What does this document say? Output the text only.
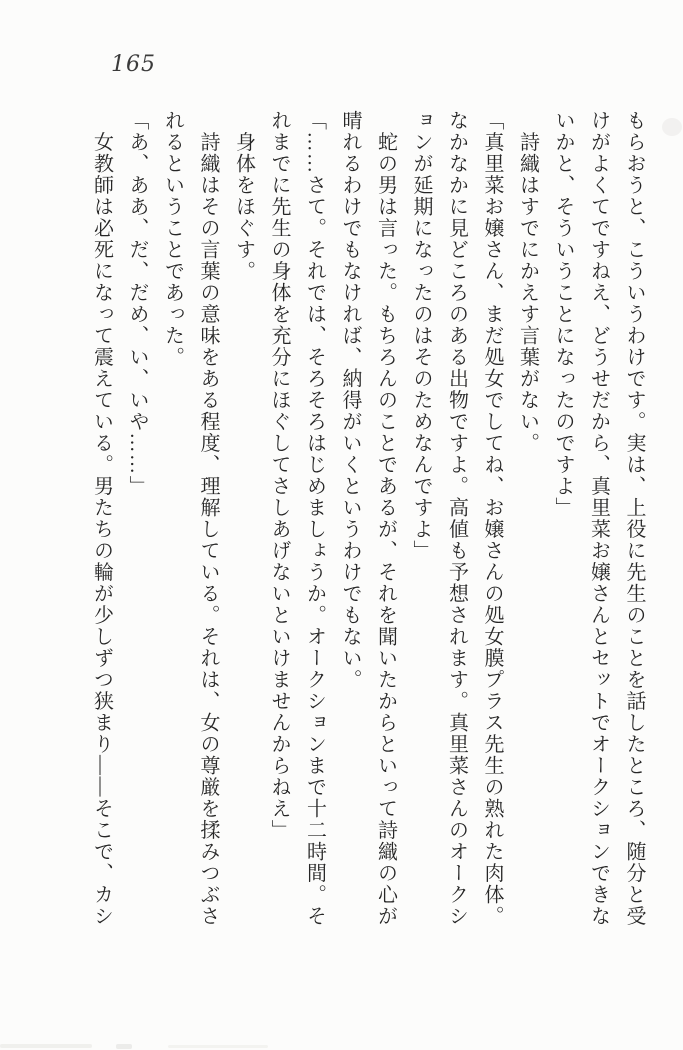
165
もらおうと、こういうわけです。実は、上役に先生のことを話したところ、随分と受
けがよくてですねえ、どうせだから、真里菜お嬢さんとセットでオークションできな
いかと、そういうことになったのですよ」
　詩織はすでにかえす言葉がない。
「真里菜お嬢さん、まだ処女でしてね、お嬢さんの処女膜プラス先生の熟れた肉体。
なかなかに見どころのある出物ですよ。高値も予想されます。真里菜さんのオークシ
ョンが延期になったのはそのためなんですよ」
　蛇の男は言った。もちろんのことであるが、それを聞いたからといって詩織の心が
晴れるわけでもなければ、納得がいくというわけでもない。
「……さて。それでは、そろそろはじめましょうか。オークションまで十二時間。そ
れまでに先生の身体を充分にほぐしてさしあげないといけませんからねえ」
　身体をほぐす。
　詩織はその言葉の意味をある程度、理解している。それは、女の尊厳を揉みつぶさ
れるということであった。
「あ、ああ、だ、だめ、い、いや……」
　女教師は必死になって震えている。男たちの輪が少しずつ狭まり――そこで、カシ
